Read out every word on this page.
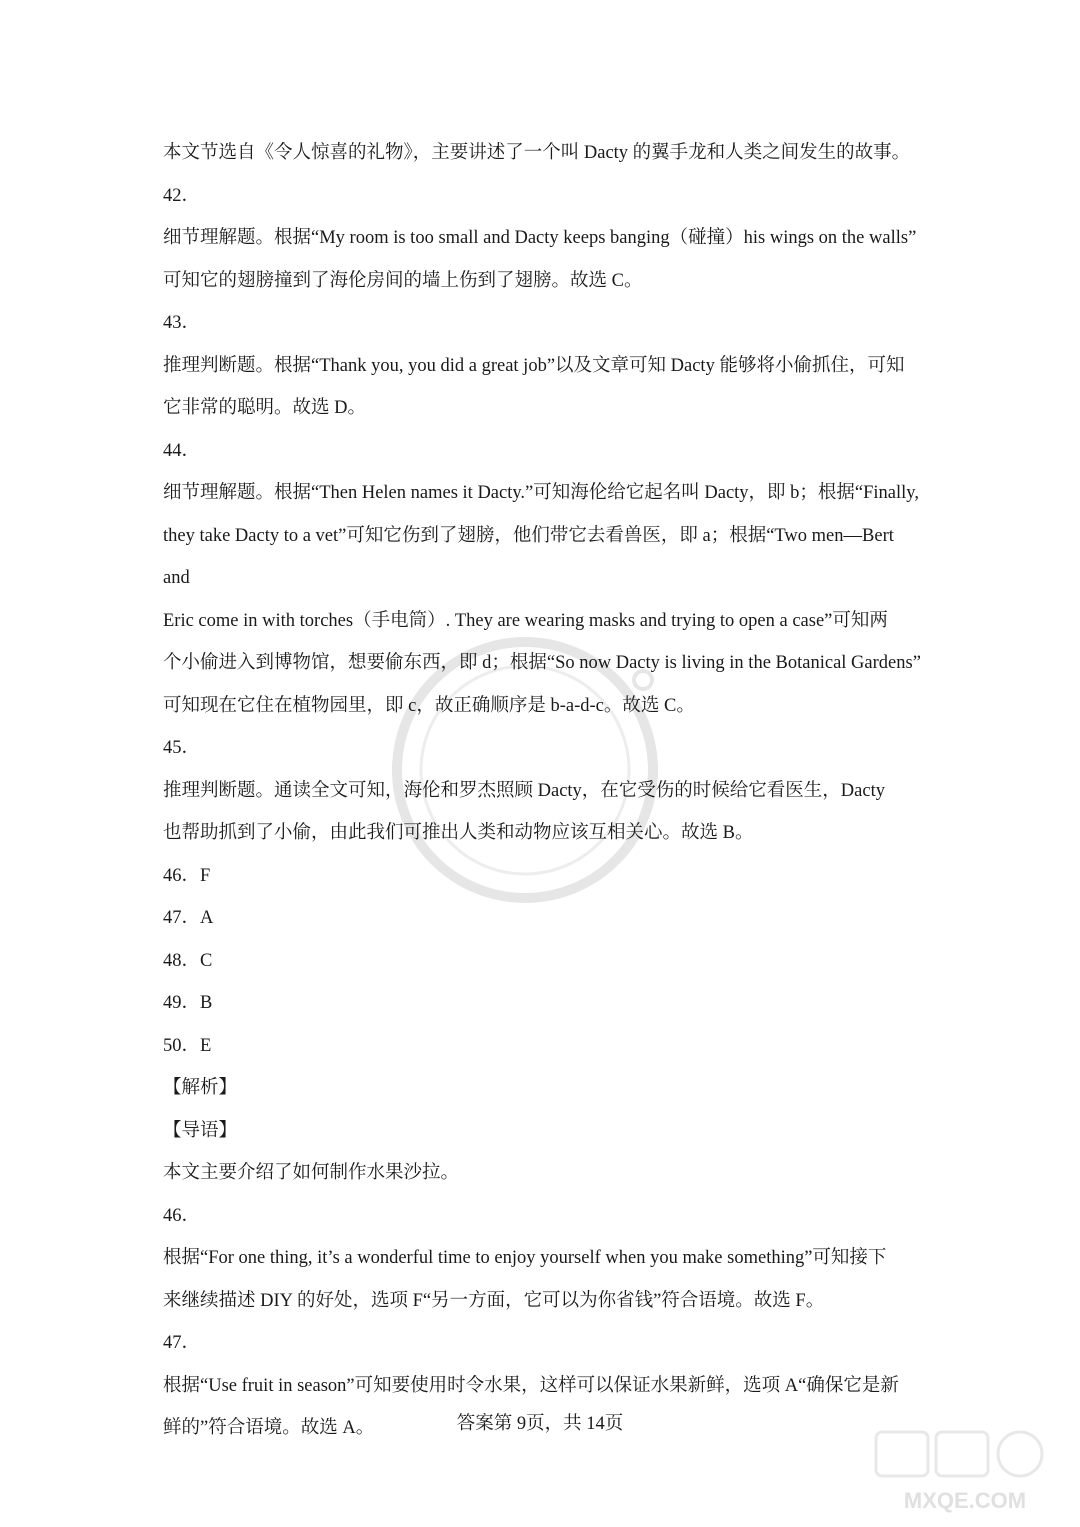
本文节选自《令人惊喜的礼物》，主要讲述了一个叫 Dacty 的翼手龙和人类之间发生的故事。

42．

细节理解题。根据“My room is too small and Dacty keeps banging（碰撞）his wings on the walls”

可知它的翅膀撞到了海伦房间的墙上伤到了翅膀。故选 C。

43．

推理判断题。根据“Thank you, you did a great job”以及文章可知 Dacty 能够将小偷抓住，可知

它非常的聪明。故选 D。

44．

细节理解题。根据“Then Helen names it Dacty.”可知海伦给它起名叫 Dacty，即 b；根据“Finally,

they take Dacty to a vet”可知它伤到了翅膀，他们带它去看兽医，即 a；根据“Two men—Bert and

Eric come in with torches（手电筒）. They are wearing masks and trying to open a case”可知两

个小偷进入到博物馆，想要偷东西，即 d；根据“So now Dacty is living in the Botanical Gardens”

可知现在它住在植物园里，即 c，故正确顺序是 b-a-d-c。故选 C。

45．

推理判断题。通读全文可知，海伦和罗杰照顾 Dacty，在它受伤的时候给它看医生，Dacty

也帮助抓到了小偷，由此我们可推出人类和动物应该互相关心。故选 B。

46．F

47．A

48．C

49．B

50．E

【解析】

【导语】

本文主要介绍了如何制作水果沙拉。

46．

根据“For one thing, it’s a wonderful time to enjoy yourself when you make something”可知接下

来继续描述 DIY 的好处，选项 F“另一方面，它可以为你省钱”符合语境。故选 F。

47．

根据“Use fruit in season”可知要使用时令水果，这样可以保证水果新鲜，选项 A“确保它是新

鲜的”符合语境。故选 A。	答案第 9页，共 14页
MXQE.COM
